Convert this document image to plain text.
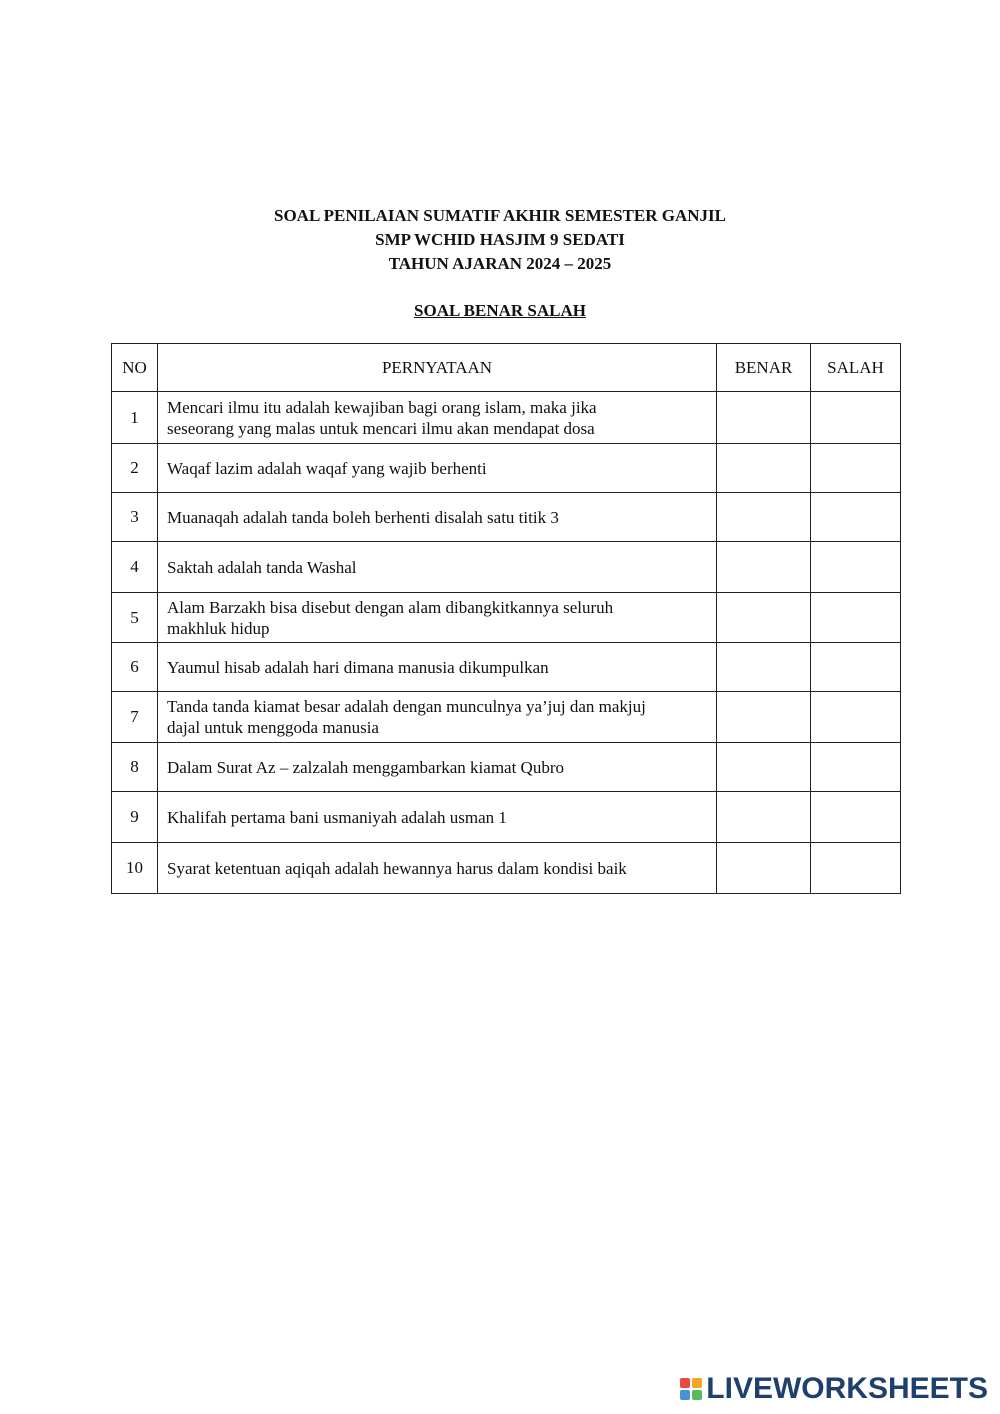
SOAL PENILAIAN SUMATIF AKHIR SEMESTER GANJIL
SMP WCHID HASJIM 9 SEDATI
TAHUN AJARAN 2024 – 2025
SOAL BENAR SALAH
NO	PERNYATAAN	BENAR	SALAH
1	Mencari ilmu itu adalah kewajiban bagi orang islam, maka jika
seseorang yang malas untuk mencari ilmu akan mendapat dosa		

2	Waqaf lazim adalah waqaf yang wajib berhenti		

3	Muanaqah adalah tanda boleh berhenti disalah satu titik 3		

4	Saktah adalah tanda Washal		

5	Alam Barzakh bisa disebut dengan alam dibangkitkannya seluruh
makhluk hidup		

6	Yaumul hisab adalah hari dimana manusia dikumpulkan		

7	Tanda tanda kiamat besar adalah dengan munculnya ya’juj dan makjuj
dajal untuk menggoda manusia		

8	Dalam Surat Az – zalzalah menggambarkan kiamat Qubro		

9	Khalifah pertama bani usmaniyah adalah usman 1		

10	Syarat ketentuan aqiqah adalah hewannya harus dalam kondisi baik		

LIVEWORKSHEETS
